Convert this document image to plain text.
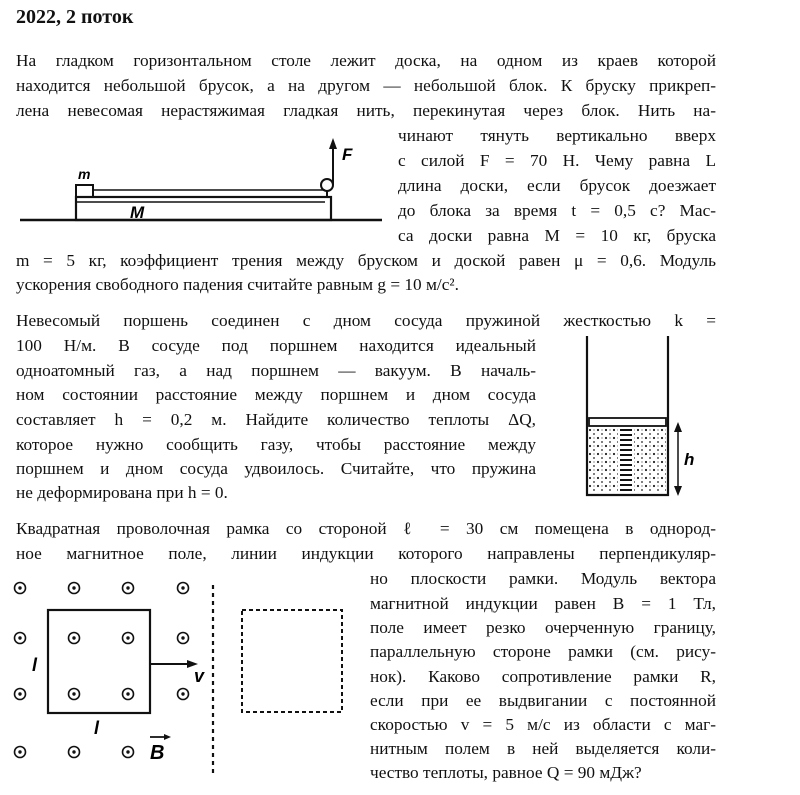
2022, 2 поток
На гладком горизонтальном столе лежит доска, на одном из краев которой
находится небольшой брусок, а на другом — небольшой блок. К бруску прикреп-
лена невесомая нерастяжимая гладкая нить, перекинутая через блок. Нить на-
чинают тянуть вертикально вверх
с силой F = 70 Н. Чему равна L
длина доски, если брусок доезжает
до блока за время t = 0,5 с? Мас-
са доски равна M = 10 кг, бруска
m = 5 кг, коэффициент трения между бруском и доской равен μ = 0,6. Модуль
ускорения свободного падения считайте равным g = 10 м/с².
m
M
F
Невесомый поршень соединен с дном сосуда пружиной жесткостью k =
100 Н/м. В сосуде под поршнем находится идеальный
одноатомный газ, а над поршнем — вакуум. В началь-
ном состоянии расстояние между поршнем и дном сосуда
составляет h = 0,2 м. Найдите количество теплоты ΔQ,
которое нужно сообщить газу, чтобы расстояние между
поршнем и дном сосуда удвоилось. Считайте, что пружина
не деформирована при h = 0.
h
Квадратная проволочная рамка со стороной ℓ = 30 см помещена в однород-
ное магнитное поле, линии индукции которого направлены перпендикуляр-
но плоскости рамки. Модуль вектора
магнитной индукции равен B = 1 Тл,
поле имеет резко очерченную границу,
параллельную стороне рамки (см. рису-
нок). Каково сопротивление рамки R,
если при ее выдвигании с постоянной
скоростью v = 5 м/с из области с маг-
нитным полем в ней выделяется коли-
чество теплоты, равное Q = 90 мДж?
l
l
v
B
